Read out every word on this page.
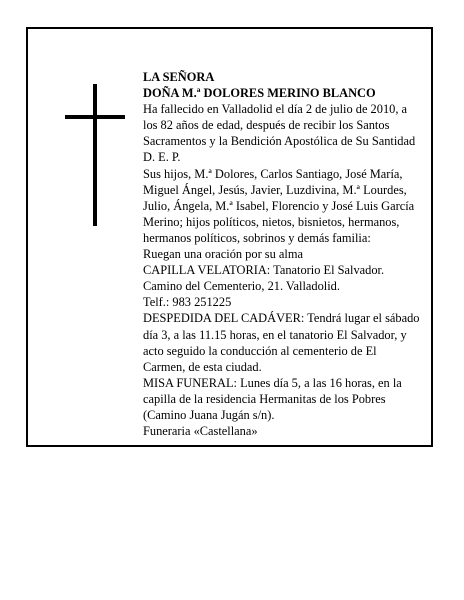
LA SEÑORA
DOÑA M.ª DOLORES MERINO BLANCO
Ha fallecido en Valladolid el día 2 de julio de 2010, a
los 82 años de edad, después de recibir los Santos
Sacramentos y la Bendición Apostólica de Su Santidad
D. E. P.
Sus hijos, M.ª Dolores, Carlos Santiago, José María,
Miguel Ángel, Jesús, Javier, Luzdivina, M.ª Lourdes,
Julio, Ángela, M.ª Isabel, Florencio y José Luis García
Merino; hijos políticos, nietos, bisnietos, hermanos,
hermanos políticos, sobrinos y demás familia:
Ruegan una oración por su alma
CAPILLA VELATORIA: Tanatorio El Salvador.
Camino del Cementerio, 21. Valladolid.
Telf.: 983 251225
DESPEDIDA DEL CADÁVER: Tendrá lugar el sábado
día 3, a las 11.15 horas, en el tanatorio El Salvador, y
acto seguido la conducción al cementerio de El
Carmen, de esta ciudad.
MISA FUNERAL: Lunes día 5, a las 16 horas, en la
capilla de la residencia Hermanitas de los Pobres
(Camino Juana Jugán s/n).
Funeraria «Castellana»
